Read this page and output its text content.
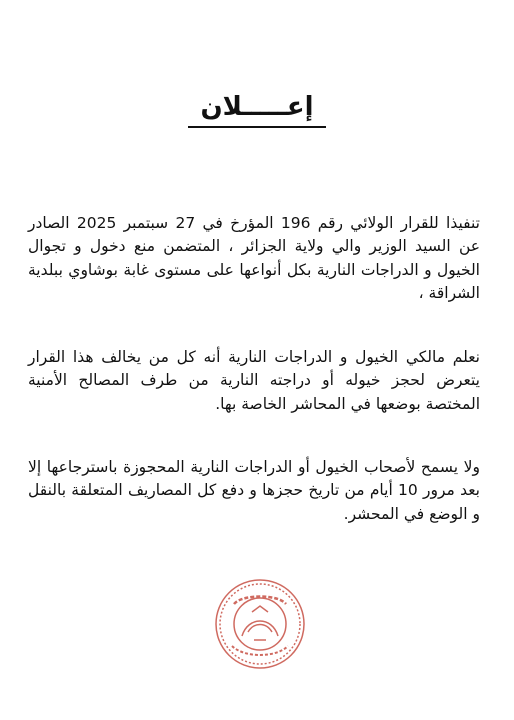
إعـــــلان

تنفيذا للقرار الولائي رقم 196 المؤرخ في 27 سبتمبر 2025 الصادر عن السيد الوزير والي ولاية الجزائر ، المتضمن منع دخول و تجوال الخيول و الدراجات النارية بكل أنواعها على مستوى غابة بوشاوي ببلدية الشراقة ،

نعلم مالكي الخيول و الدراجات النارية أنه كل من يخالف هذا القرار يتعرض لحجز خيوله أو دراجته النارية من طرف المصالح الأمنية المختصة بوضعها في المحاشر الخاصة بها.

ولا يسمح لأصحاب الخيول أو الدراجات النارية المحجوزة باسترجاعها إلا بعد مرور 10 أيام من تاريخ حجزها و دفع كل المصاريف المتعلقة بالنقل و الوضع في المحشر.
